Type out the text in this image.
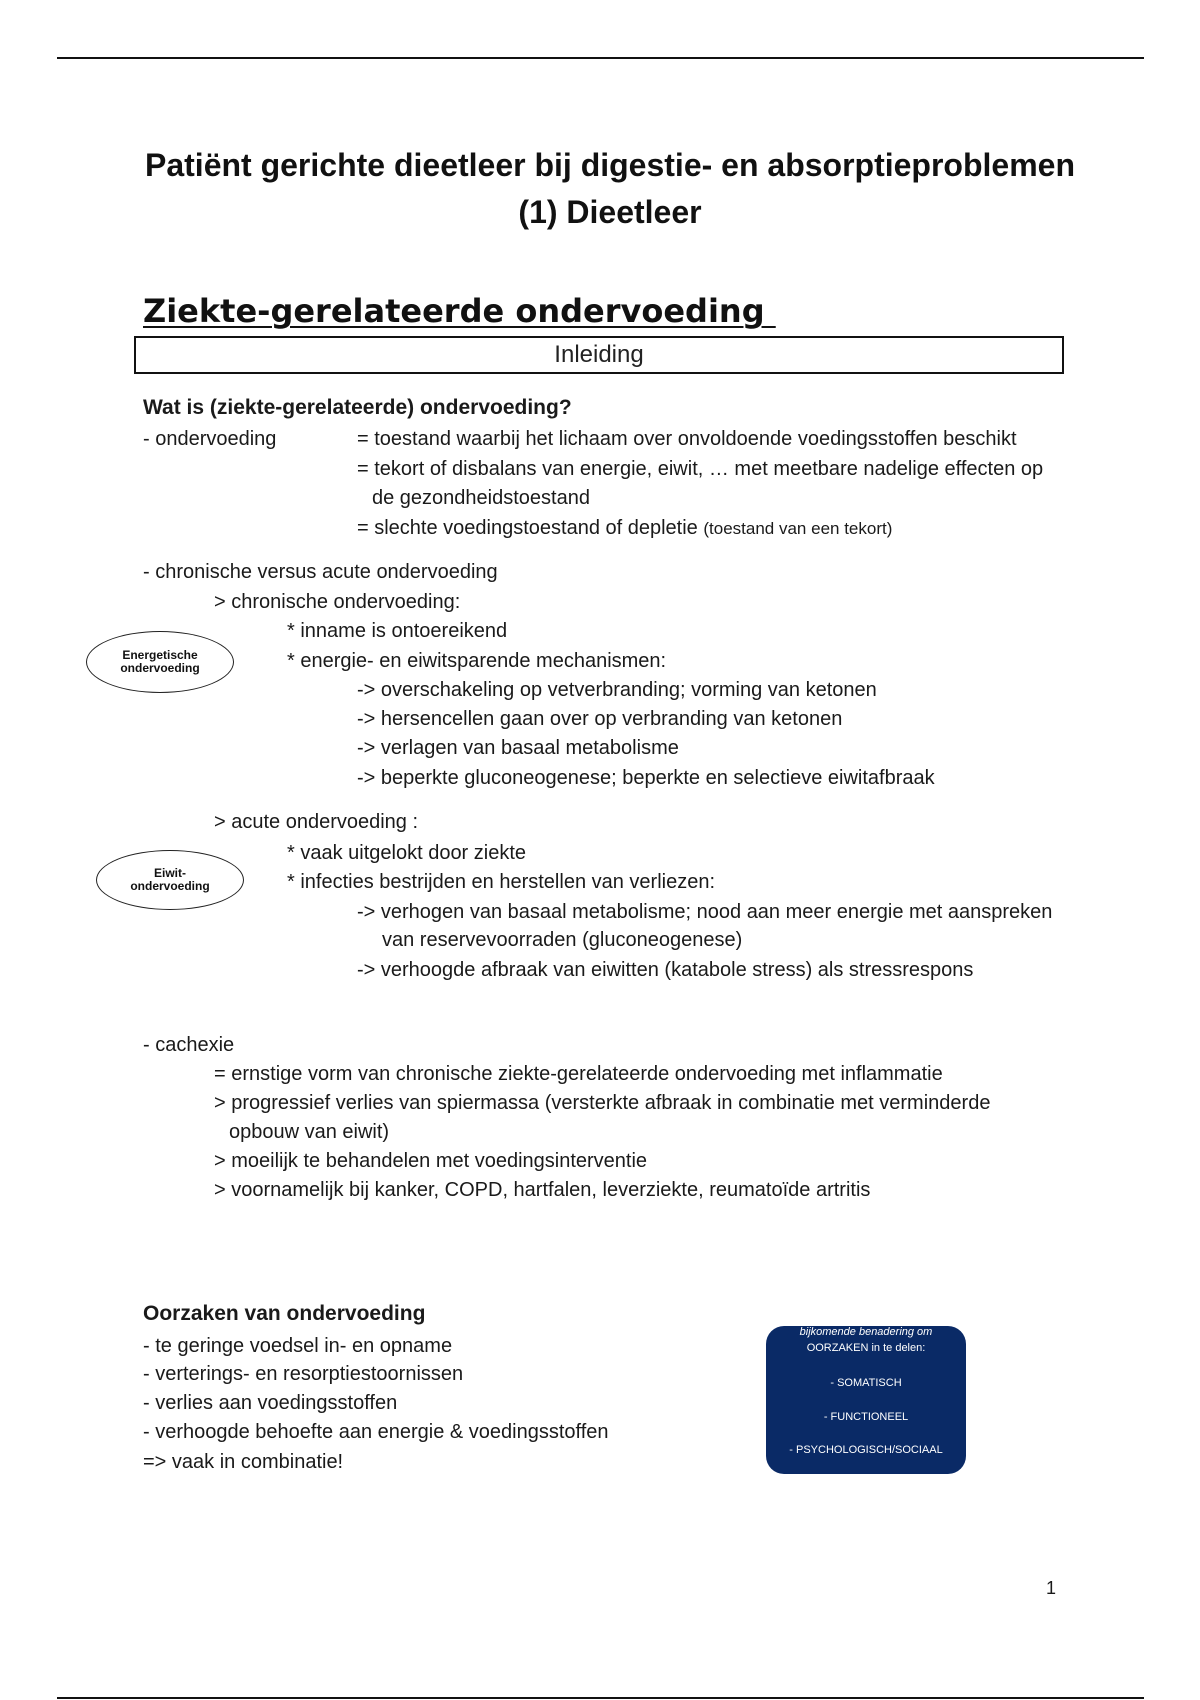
Patiënt gerichte dieetleer bij digestie- en absorptieproblemen
(1) Dieetleer
Ziekte-gerelateerde ondervoeding
Inleiding
Wat is (ziekte-gerelateerde) ondervoeding?
- ondervoeding	= toestand waarbij het lichaam over onvoldoende voedingsstoffen beschikt
= tekort of disbalans van energie, eiwit, … met meetbare nadelige effecten op
de gezondheidstoestand
= slechte voedingstoestand of depletie (toestand van een tekort)
- chronische versus acute ondervoeding
> chronische ondervoeding:
* inname is ontoereikend
* energie- en eiwitsparende mechanismen:
-> overschakeling op vetverbranding; vorming van ketonen
-> hersencellen gaan over op verbranding van ketonen
-> verlagen van basaal metabolisme
-> beperkte gluconeogenese; beperkte en selectieve eiwitafbraak
Energetische
ondervoeding
> acute ondervoeding :
* vaak uitgelokt door ziekte
* infecties bestrijden en herstellen van verliezen:
-> verhogen van basaal metabolisme; nood aan meer energie met aanspreken
van reservevoorraden (gluconeogenese)
-> verhoogde afbraak van eiwitten (katabole stress) als stressrespons
Eiwit-
ondervoeding
- cachexie
= ernstige vorm van chronische ziekte-gerelateerde ondervoeding met inflammatie
> progressief verlies van spiermassa (versterkte afbraak in combinatie met verminderde
opbouw van eiwit)
> moeilijk te behandelen met voedingsinterventie
> voornamelijk bij kanker, COPD, hartfalen, leverziekte, reumatoïde artritis
Oorzaken van ondervoeding
- te geringe voedsel in- en opname
- verterings- en resorptiestoornissen
- verlies aan voedingsstoffen
- verhoogde behoefte aan energie & voedingsstoffen
=> vaak in combinatie!
bijkomende benadering om
OORZAKEN in te delen:
- SOMATISCH
- FUNCTIONEEL
- PSYCHOLOGISCH/SOCIAAL
1
